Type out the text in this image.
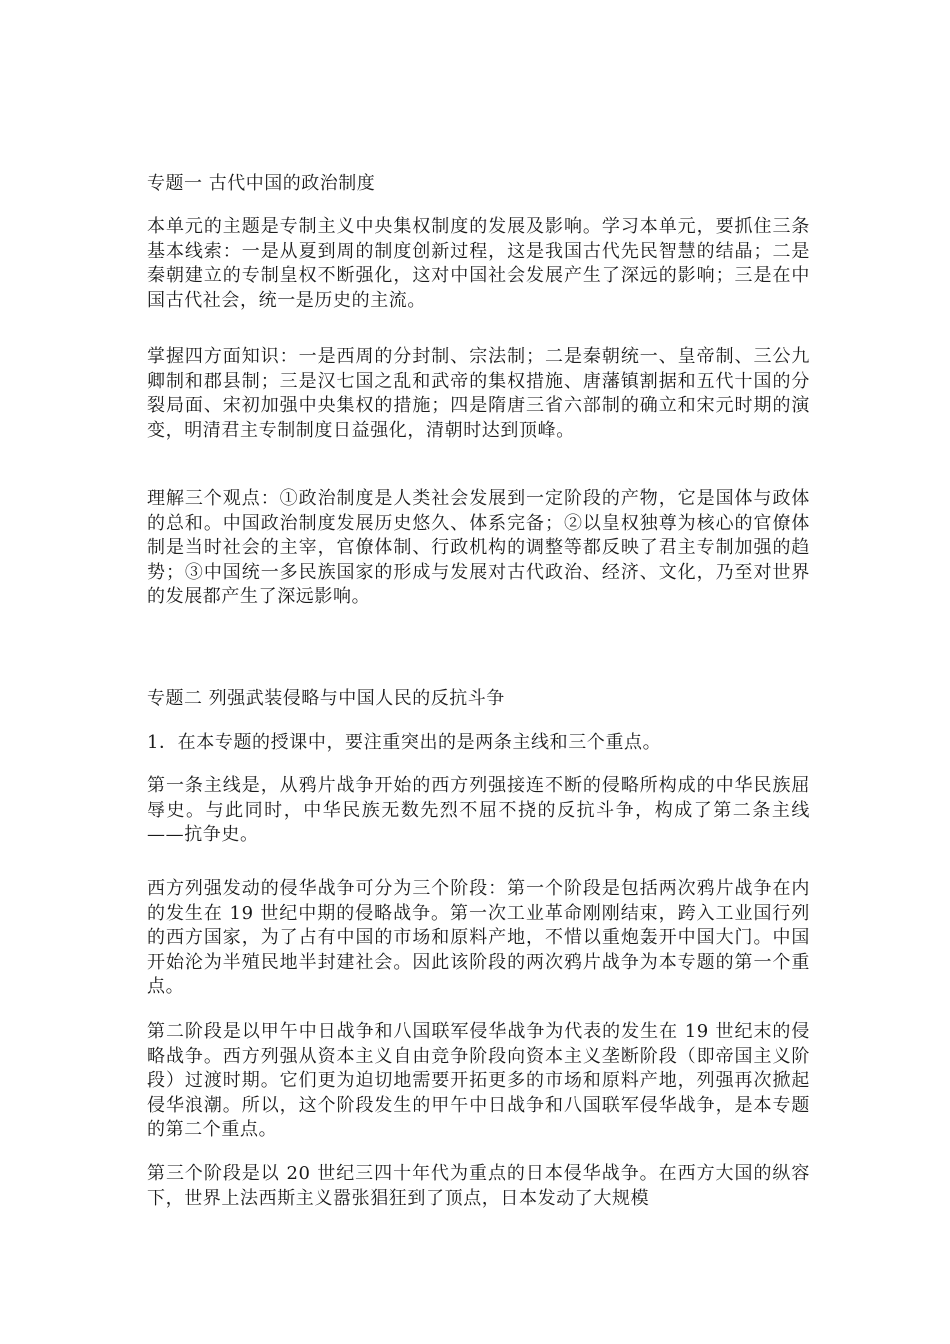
专题一 古代中国的政治制度
本单元的主题是专制主义中央集权制度的发展及影响。学习本单元，要抓住三条基本线索：一是从夏到周的制度创新过程，这是我国古代先民智慧的结晶；二是秦朝建立的专制皇权不断强化，这对中国社会发展产生了深远的影响；三是在中国古代社会，统一是历史的主流。
掌握四方面知识：一是西周的分封制、宗法制；二是秦朝统一、皇帝制、三公九卿制和郡县制；三是汉七国之乱和武帝的集权措施、唐藩镇割据和五代十国的分裂局面、宋初加强中央集权的措施；四是隋唐三省六部制的确立和宋元时期的演变，明清君主专制制度日益强化，清朝时达到顶峰。
理解三个观点：①政治制度是人类社会发展到一定阶段的产物，它是国体与政体的总和。中国政治制度发展历史悠久、体系完备；②以皇权独尊为核心的官僚体制是当时社会的主宰，官僚体制、行政机构的调整等都反映了君主专制加强的趋势；③中国统一多民族国家的形成与发展对古代政治、经济、文化，乃至对世界的发展都产生了深远影响。
专题二 列强武装侵略与中国人民的反抗斗争
1．在本专题的授课中，要注重突出的是两条主线和三个重点。
第一条主线是，从鸦片战争开始的西方列强接连不断的侵略所构成的中华民族屈辱史。与此同时，中华民族无数先烈不屈不挠的反抗斗争，构成了第二条主线——抗争史。
西方列强发动的侵华战争可分为三个阶段：第一个阶段是包括两次鸦片战争在内的发生在 19 世纪中期的侵略战争。第一次工业革命刚刚结束，跨入工业国行列的西方国家，为了占有中国的市场和原料产地，不惜以重炮轰开中国大门。中国开始沦为半殖民地半封建社会。因此该阶段的两次鸦片战争为本专题的第一个重点。
第二阶段是以甲午中日战争和八国联军侵华战争为代表的发生在 19 世纪末的侵略战争。西方列强从资本主义自由竞争阶段向资本主义垄断阶段（即帝国主义阶段）过渡时期。它们更为迫切地需要开拓更多的市场和原料产地，列强再次掀起侵华浪潮。所以，这个阶段发生的甲午中日战争和八国联军侵华战争，是本专题的第二个重点。
第三个阶段是以 20 世纪三四十年代为重点的日本侵华战争。在西方大国的纵容下，世界上法西斯主义嚣张猖狂到了顶点，日本发动了大规模
